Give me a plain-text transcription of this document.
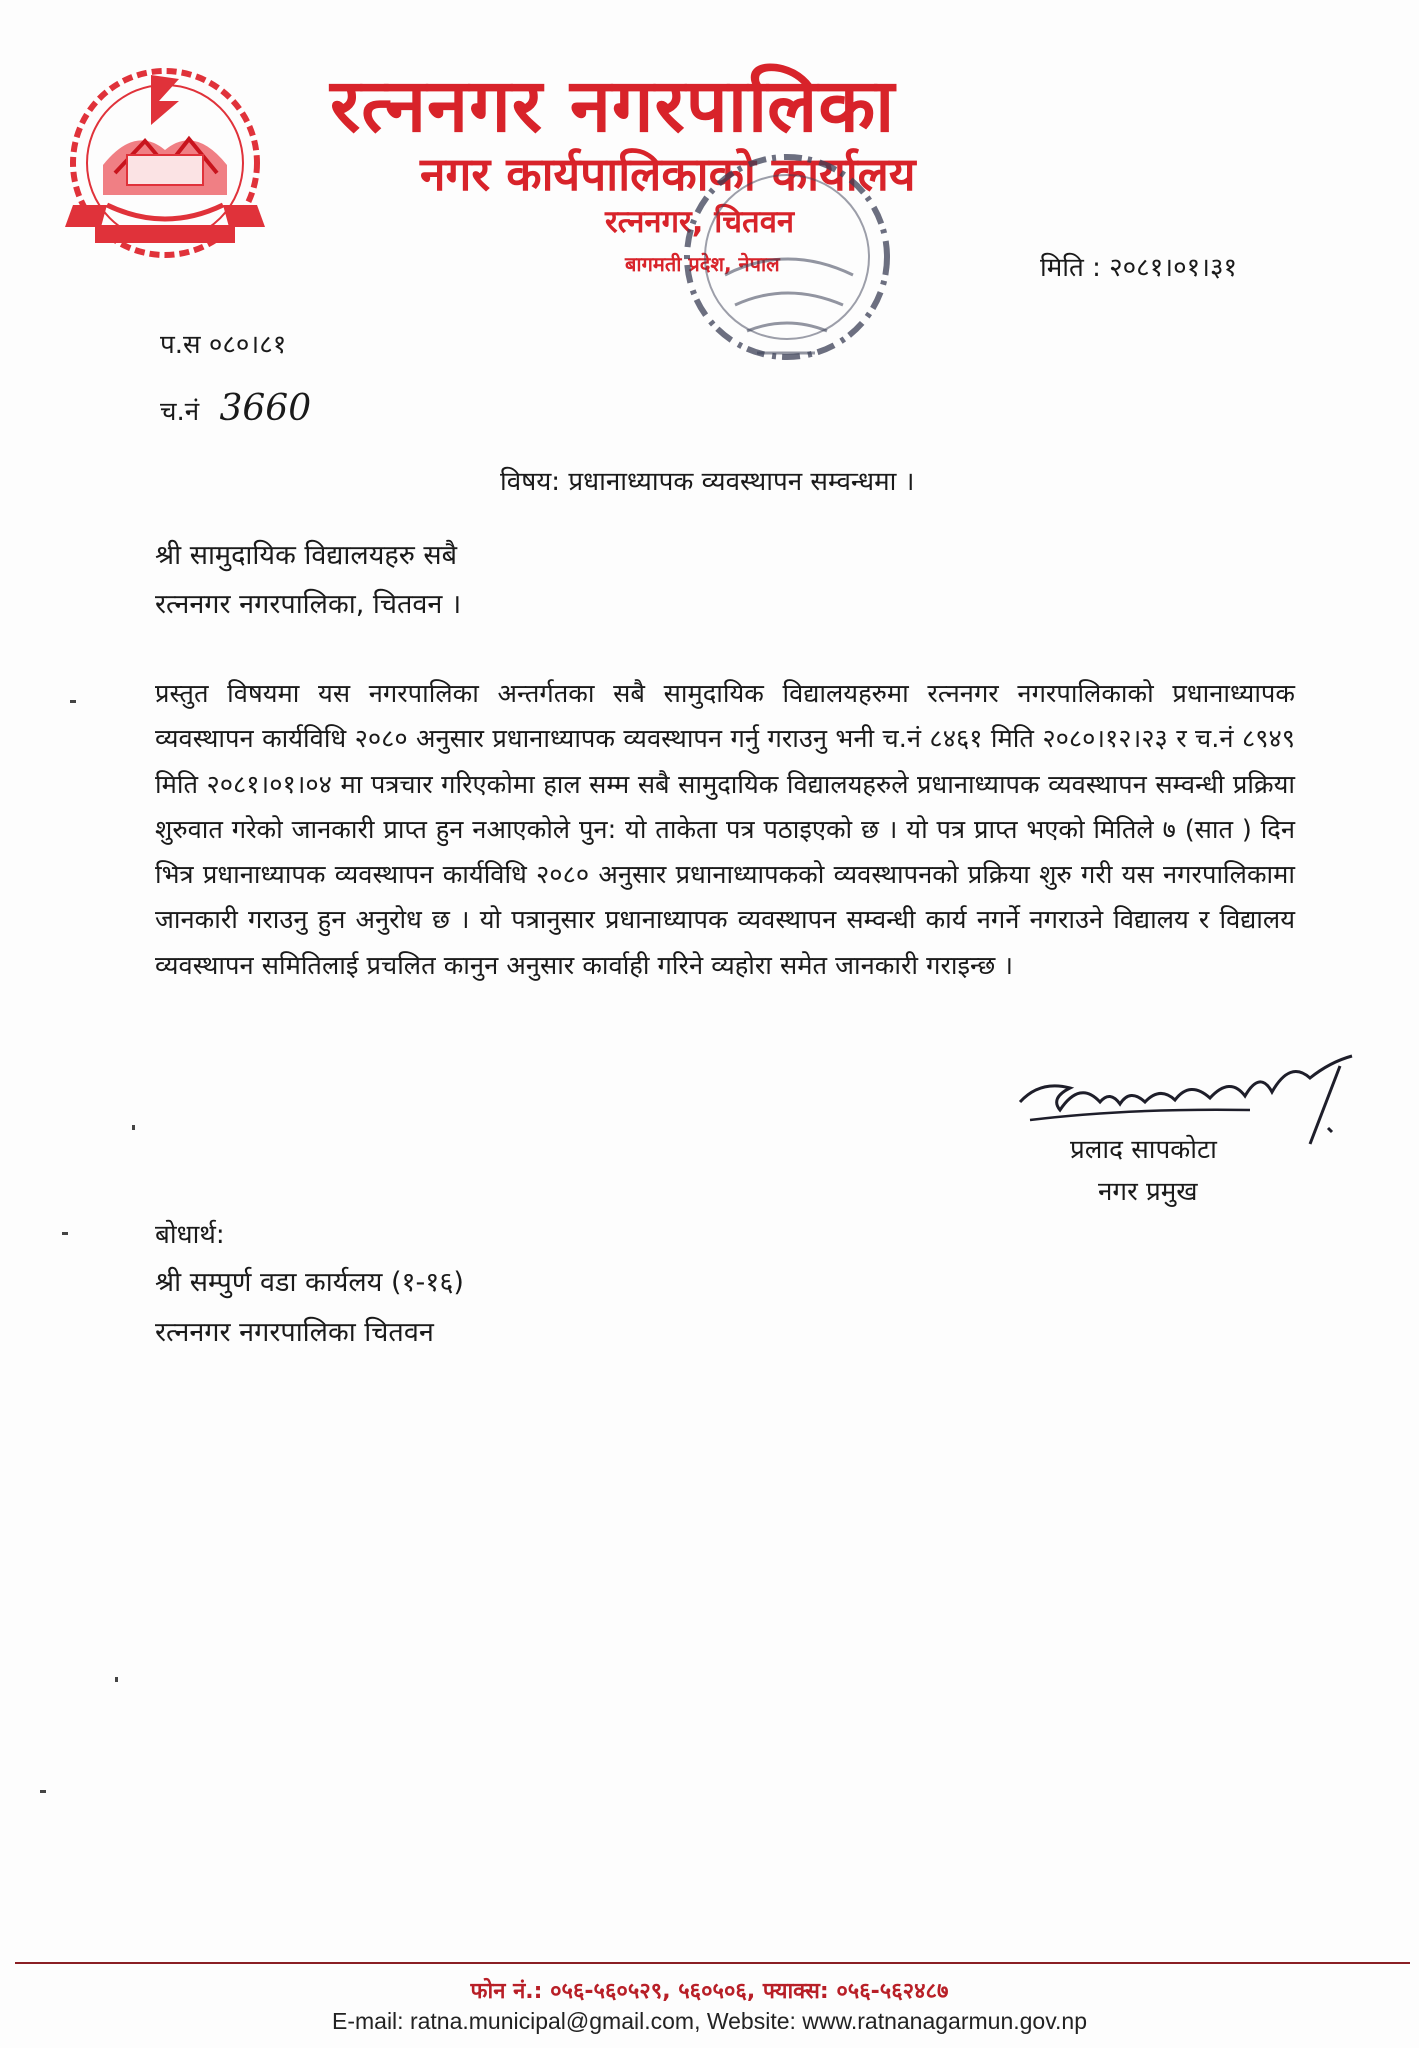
रत्ननगर नगरपालिका
नगर कार्यपालिकाको कार्यालय
रत्ननगर, चितवन
बागमती प्रदेश, नेपाल	मिति : २०८१।०१।३१
प.स ०८०।८१
च.नं 3660
विषय: प्रधानाध्यापक व्यवस्थापन सम्वन्धमा ।
श्री सामुदायिक विद्यालयहरु सबै
रत्ननगर नगरपालिका, चितवन ।
प्रस्तुत विषयमा यस नगरपालिका अन्तर्गतका सबै सामुदायिक विद्यालयहरुमा रत्ननगर नगरपालिकाको प्रधानाध्यापक व्यवस्थापन कार्यविधि २०८० अनुसार प्रधानाध्यापक व्यवस्थापन गर्नु गराउनु भनी च.नं ८४६१ मिति २०८०।१२।२३ र च.नं ८९४९ मिति २०८१।०१।०४ मा पत्रचार गरिएकोमा हाल सम्म सबै सामुदायिक विद्यालयहरुले प्रधानाध्यापक व्यवस्थापन सम्वन्धी प्रक्रिया शुरुवात गरेको जानकारी प्राप्त हुन नआएकोले पुन: यो ताकेता पत्र पठाइएको छ । यो पत्र प्राप्त भएको मितिले ७ (सात ) दिन भित्र प्रधानाध्यापक व्यवस्थापन कार्यविधि २०८० अनुसार प्रधानाध्यापकको व्यवस्थापनको प्रक्रिया शुरु गरी यस नगरपालिकामा जानकारी गराउनु हुन अनुरोध छ । यो पत्रानुसार प्रधानाध्यापक व्यवस्थापन सम्वन्धी कार्य नगर्ने नगराउने विद्यालय र विद्यालय व्यवस्थापन समितिलाई प्रचलित कानुन अनुसार कार्वाही गरिने व्यहोरा समेत जानकारी गराइन्छ ।
प्रलाद सापकोटा
नगर प्रमुख
बोधार्थ:
श्री सम्पुर्ण वडा कार्यलय (१-१६)
रत्ननगर नगरपालिका चितवन
फोन नं.: ०५६-५६०५२९, ५६०५०६, फ्याक्स: ०५६-५६२४८७
E-mail: ratna.municipal@gmail.com, Website: www.ratnanagarmun.gov.np
